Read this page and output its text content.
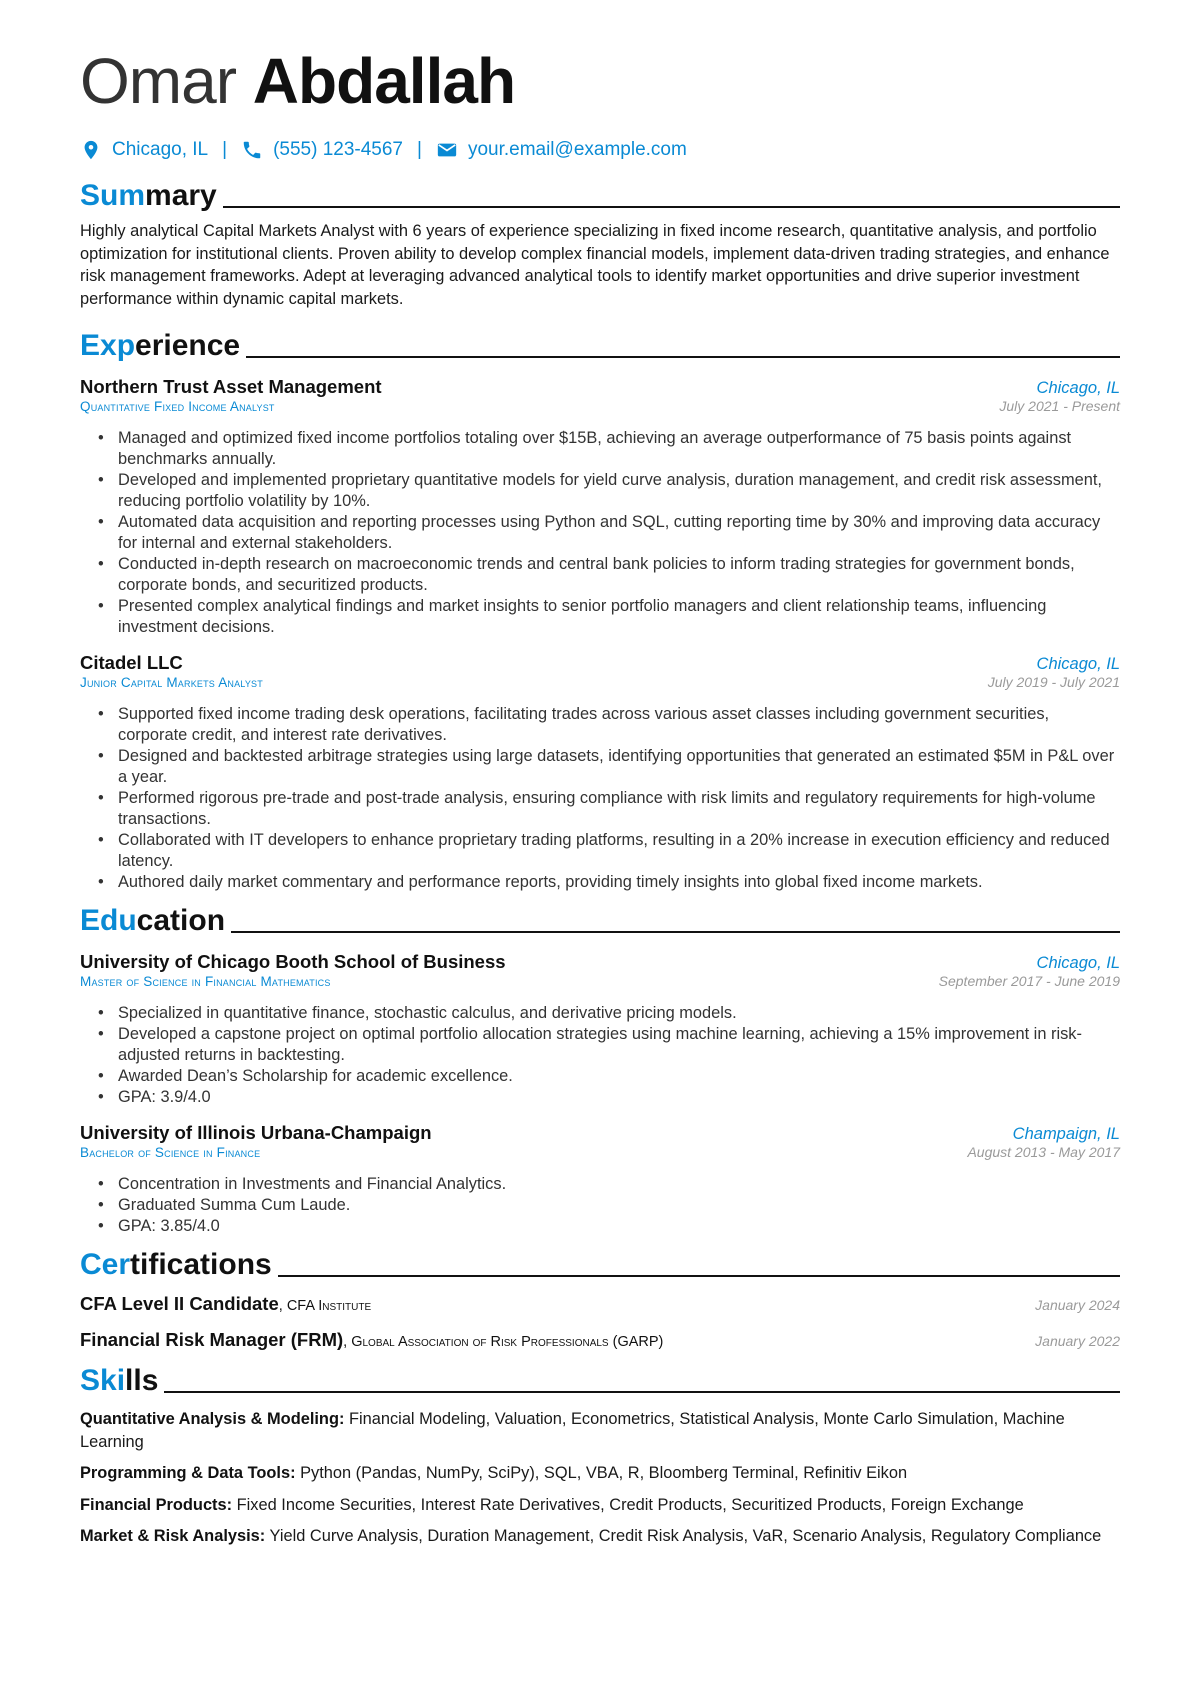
Omar Abdallah
Chicago, IL | (555) 123-4567 | your.email@example.com
Summary
Highly analytical Capital Markets Analyst with 6 years of experience specializing in fixed income research, quantitative analysis, and portfolio optimization for institutional clients. Proven ability to develop complex financial models, implement data-driven trading strategies, and enhance risk management frameworks. Adept at leveraging advanced analytical tools to identify market opportunities and drive superior investment performance within dynamic capital markets.
Experience
Northern Trust Asset Management	Chicago, IL
Quantitative Fixed Income Analyst	July 2021 - Present
• Managed and optimized fixed income portfolios totaling over $15B, achieving an average outperformance of 75 basis points against benchmarks annually.
• Developed and implemented proprietary quantitative models for yield curve analysis, duration management, and credit risk assessment, reducing portfolio volatility by 10%.
• Automated data acquisition and reporting processes using Python and SQL, cutting reporting time by 30% and improving data accuracy for internal and external stakeholders.
• Conducted in-depth research on macroeconomic trends and central bank policies to inform trading strategies for government bonds, corporate bonds, and securitized products.
• Presented complex analytical findings and market insights to senior portfolio managers and client relationship teams, influencing investment decisions.
Citadel LLC	Chicago, IL
Junior Capital Markets Analyst	July 2019 - July 2021
• Supported fixed income trading desk operations, facilitating trades across various asset classes including government securities, corporate credit, and interest rate derivatives.
• Designed and backtested arbitrage strategies using large datasets, identifying opportunities that generated an estimated $5M in P&L over a year.
• Performed rigorous pre-trade and post-trade analysis, ensuring compliance with risk limits and regulatory requirements for high-volume transactions.
• Collaborated with IT developers to enhance proprietary trading platforms, resulting in a 20% increase in execution efficiency and reduced latency.
• Authored daily market commentary and performance reports, providing timely insights into global fixed income markets.
Education
University of Chicago Booth School of Business	Chicago, IL
Master of Science in Financial Mathematics	September 2017 - June 2019
• Specialized in quantitative finance, stochastic calculus, and derivative pricing models.
• Developed a capstone project on optimal portfolio allocation strategies using machine learning, achieving a 15% improvement in risk-adjusted returns in backtesting.
• Awarded Dean’s Scholarship for academic excellence.
• GPA: 3.9/4.0
University of Illinois Urbana-Champaign	Champaign, IL
Bachelor of Science in Finance	August 2013 - May 2017
• Concentration in Investments and Financial Analytics.
• Graduated Summa Cum Laude.
• GPA: 3.85/4.0
Certifications
CFA Level II Candidate, CFA Institute	January 2024
Financial Risk Manager (FRM), Global Association of Risk Professionals (GARP)	January 2022
Skills
Quantitative Analysis & Modeling: Financial Modeling, Valuation, Econometrics, Statistical Analysis, Monte Carlo Simulation, Machine Learning
Programming & Data Tools: Python (Pandas, NumPy, SciPy), SQL, VBA, R, Bloomberg Terminal, Refinitiv Eikon
Financial Products: Fixed Income Securities, Interest Rate Derivatives, Credit Products, Securitized Products, Foreign Exchange
Market & Risk Analysis: Yield Curve Analysis, Duration Management, Credit Risk Analysis, VaR, Scenario Analysis, Regulatory Compliance
